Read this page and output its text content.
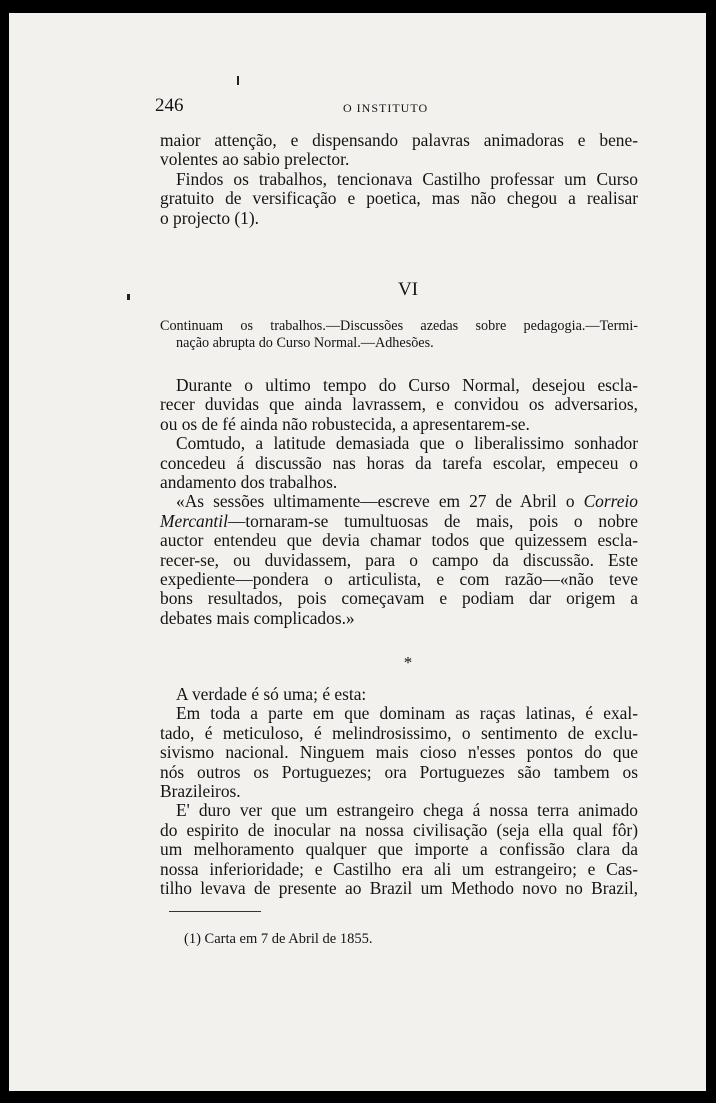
246	O INSTITUTO
maior attenção, e dispensando palavras animadoras e bene-
volentes ao sabio prelector.
Findos os trabalhos, tencionava Castilho professar um Curso
gratuito de versificação e poetica, mas não chegou a realisar
o projecto (1).
VI
Continuam os trabalhos.—Discussões azedas sobre pedagogia.—Termi-
nação abrupta do Curso Normal.—Adhesões.
Durante o ultimo tempo do Curso Normal, desejou escla-
recer duvidas que ainda lavrassem, e convidou os adversarios,
ou os de fé ainda não robustecida, a apresentarem-se.
Comtudo, a latitude demasiada que o liberalissimo sonhador
concedeu á discussão nas horas da tarefa escolar, empeceu o
andamento dos trabalhos.
«As sessões ultimamente—escreve em 27 de Abril o Correio
Mercantil—tornaram-se tumultuosas de mais, pois o nobre
auctor entendeu que devia chamar todos que quizessem escla-
recer-se, ou duvidassem, para o campo da discussão. Este
expediente—pondera o articulista, e com razão—«não teve
bons resultados, pois começavam e podiam dar origem a
debates mais complicados.»
*
A verdade é só uma; é esta:
Em toda a parte em que dominam as raças latinas, é exal-
tado, é meticuloso, é melindrosissimo, o sentimento de exclu-
sivismo nacional. Ninguem mais cioso n'esses pontos do que
nós outros os Portuguezes; ora Portuguezes são tambem os
Brazileiros.
E' duro ver que um estrangeiro chega á nossa terra animado
do espirito de inocular na nossa civilisação (seja ella qual fôr)
um melhoramento qualquer que importe a confissão clara da
nossa inferioridade; e Castilho era ali um estrangeiro; e Cas-
tilho levava de presente ao Brazil um Methodo novo no Brazil,
(1) Carta em 7 de Abril de 1855.
